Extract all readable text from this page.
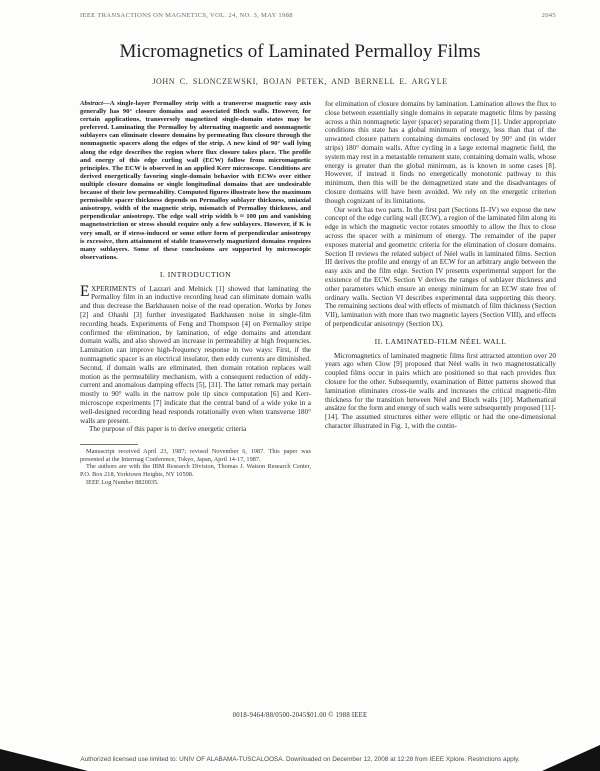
IEEE TRANSACTIONS ON MAGNETICS, VOL. 24, NO. 3, MAY 1988	2045
Micromagnetics of Laminated Permalloy Films
JOHN C. SLONCZEWSKI, BOJAN PETEK, AND BERNELL E. ARGYLE

Abstract—A single-layer Permalloy strip with a transverse magnetic easy axis generally has 90° closure domains and associated Bloch walls. However, for certain applications, transversely magnetized single-domain states may be preferred. Laminating the Permalloy by alternating magnetic and nonmagnetic sublayers can eliminate closure domains by permeating flux closure through the nonmagnetic spacers along the edges of the strip. A new kind of 90° wall lying along the edge describes the region where flux closure takes place. The profile and energy of this edge curling wall (ECW) follow from micromagnetic principles. The ECW is observed in an applied Kerr microscope. Conditions are derived energetically favoring single-domain behavior with ECWs over either multiple closure domains or single longitudinal domains that are undesirable because of their low permeability. Computed figures illustrate how the maximum permissible spacer thickness depends on Permalloy sublayer thickness, uniaxial anisotropy, width of the magnetic strip, mismatch of Permalloy thickness, and perpendicular anisotropy. The edge wall strip width b ≈ 100 µm and vanishing magnetostriction or stress should require only a few sublayers. However, if K is very small, or if stress-induced or some other form of perpendicular anisotropy is excessive, then attainment of stable transversely magnetized domains requires many sublayers. Some of these conclusions are supported by microscopic observations.

I. INTRODUCTION

EXPERIMENTS of Lazzari and Melnick [1] showed that laminating the Permalloy film in an inductive recording head can eliminate domain walls and thus decrease the Barkhausen noise of the read operation. Works by Jones [2] and Ohashi [3] further investigated Barkhausen noise in single-film recording heads. Experiments of Feng and Thompson [4] on Permalloy stripe confirmed the elimination, by lamination, of edge domains and attendant domain walls, and also showed an increase in permeability at high frequencies. Lamination can improve high-frequency response in two ways: First, if the nonmagnetic spacer is an electrical insulator, then eddy currents are diminished. Second, if domain walls are eliminated, then domain rotation replaces wall motion as the permeability mechanism, with a consequent reduction of eddy-current and anomalous damping effects [5], [31]. The latter remark may pertain mostly to 90° walls in the narrow pole tip since computation [6] and Kerr-microscope experiments [7] indicate that the central band of a wide yoke in a well-designed recording head responds rotationally even when transverse 180° walls are present.

The purpose of this paper is to derive energetic criteria

Manuscript received April 23, 1987; revised November 6, 1987. This paper was presented at the Intermag Conference, Tokyo, Japan, April 14-17, 1987.

The authors are with the IBM Research Division, Thomas J. Watson Research Center, P.O. Box 218, Yorktown Heights, NY 10598.

IEEE Log Number 8820035.

for elimination of closure domains by lamination. Lamination allows the flux to close between essentially single domains in separate magnetic films by passing across a thin nonmagnetic layer (spacer) separating them [1]. Under appropriate conditions this state has a global minimum of energy, less than that of the unwanted closure pattern containing domains enclosed by 90° and (in wider strips) 180° domain walls. After cycling in a large external magnetic field, the system may rest in a metastable remanent state, containing domain walls, whose energy is greater than the global minimum, as is known in some cases [8]. However, if instead it finds no energetically monotonic pathway to this minimum, then this will be the demagnetized state and the disadvantages of closure domains will have been avoided. We rely on the energetic criterion though cognizant of its limitations.

Our work has two parts. In the first part (Sections II–IV) we expose the new concept of the edge curling wall (ECW), a region of the laminated film along its edge in which the magnetic vector rotates smoothly to allow the flux to close across the spacer with a minimum of energy. The remainder of the paper exposes material and geometric criteria for the elimination of closure domains. Section II reviews the related subject of Néel walls in laminated films. Section III derives the profile and energy of an ECW for an arbitrary angle between the easy axis and the film edge. Section IV presents experimental support for the existence of the ECW. Section V derives the ranges of sublayer thickness and other parameters which ensure an energy minimum for an ECW state free of ordinary walls. Section VI describes experimental data supporting this theory. The remaining sections deal with effects of mismatch of film thickness (Section VII), lamination with more than two magnetic layers (Section VIII), and effects of perpendicular anisotropy (Section IX).

II. LAMINATED-FILM NÉEL WALL

Micromagnetics of laminated magnetic films first attracted attention over 20 years ago when Clow [9] proposed that Néel walls in two magnetostatically coupled films occur in pairs which are positioned so that each provides flux closure for the other. Subsequently, examination of Bitter patterns showed that lamination eliminates cross-tie walls and increases the critical magnetic-film thickness for the transition between Néel and Bloch walls [10]. Mathematical ansätze for the form and energy of such walls were subsequently proposed [11]-[14]. The assumed structures either were elliptic or had the one-dimensional character illustrated in Fig. 1, with the contin-

0018-9464/88/0500-2045$01.00 © 1988 IEEE
Authorized licensed use limited to: UNIV OF ALABAMA-TUSCALOOSA. Downloaded on December 12, 2008 at 12:28 from IEEE Xplore. Restrictions apply.
